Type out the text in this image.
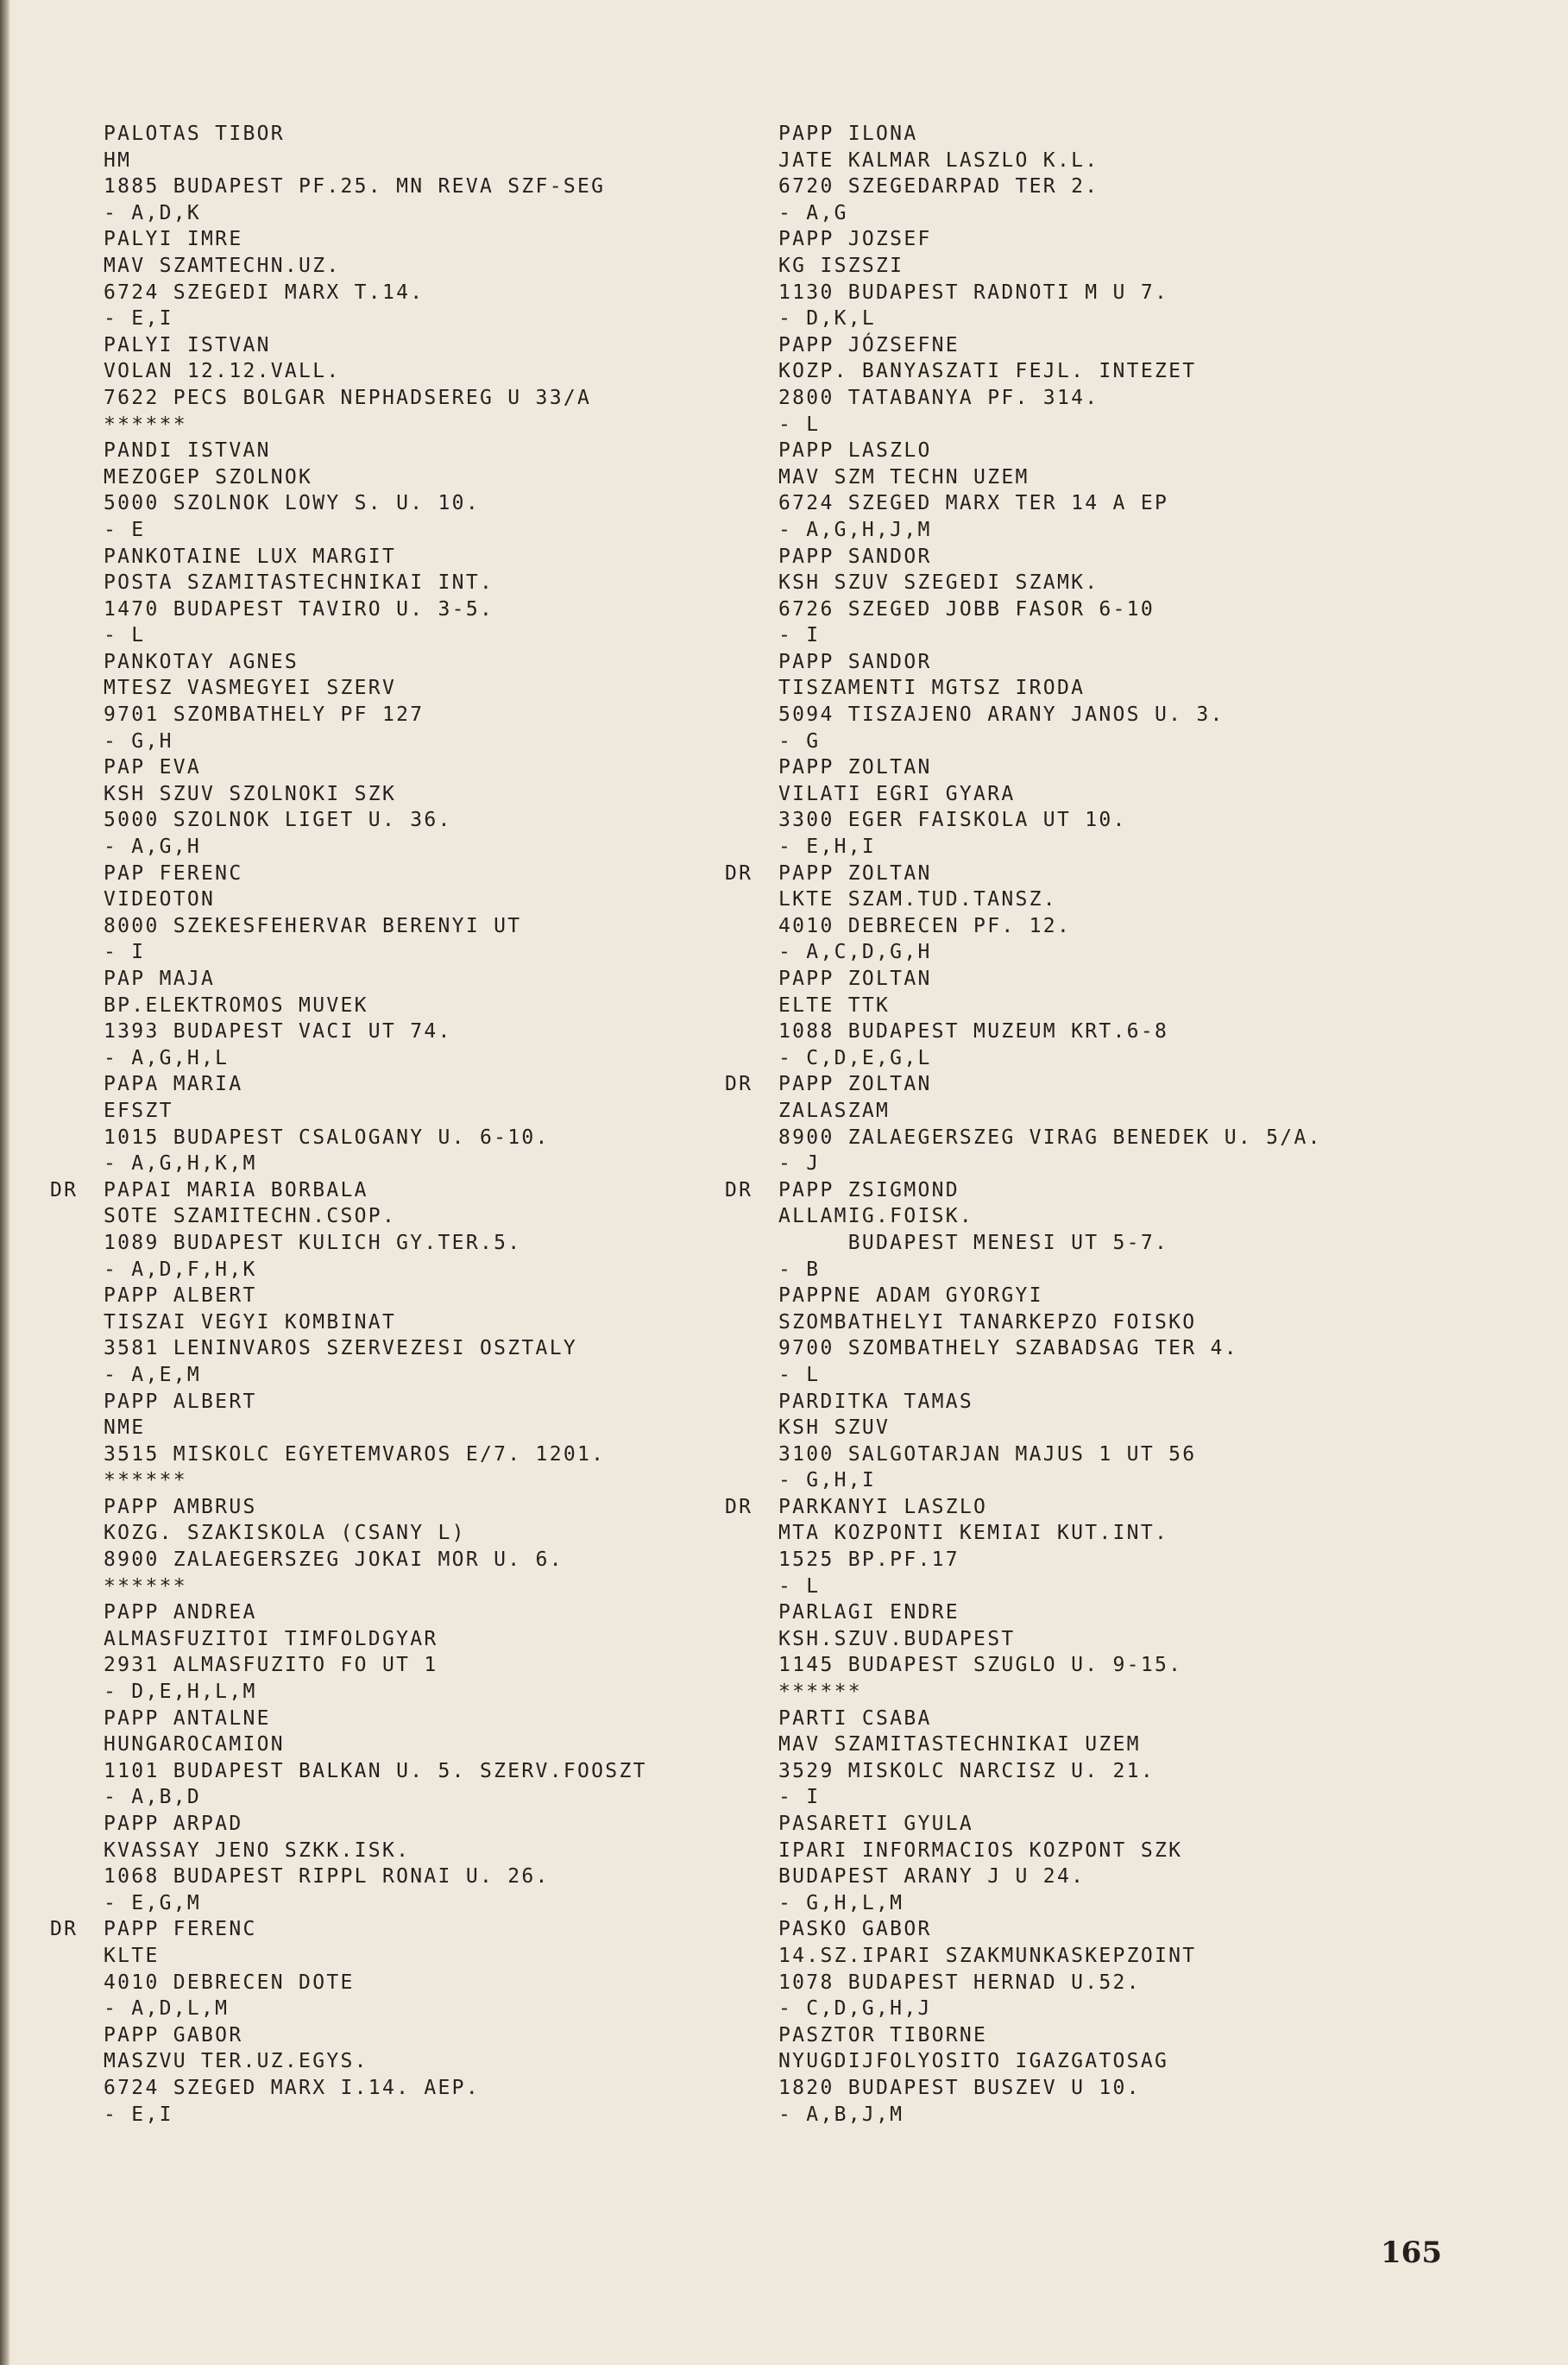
PALOTAS TIBOR
HM
1885 BUDAPEST PF.25. MN REVA SZF-SEG
- A,D,K
PALYI IMRE
MAV SZAMTECHN.UZ.
6724 SZEGEDI MARX T.14.
- E,I
PALYI ISTVAN
VOLAN 12.12.VALL.
7622 PECS BOLGAR NEPHADSEREG U 33/A
******
PANDI ISTVAN
MEZOGEP SZOLNOK
5000 SZOLNOK LOWY S. U. 10.
- E
PANKOTAINE LUX MARGIT
POSTA SZAMITASTECHNIKAI INT.
1470 BUDAPEST TAVIRO U. 3-5.
- L
PANKOTAY AGNES
MTESZ VASMEGYEI SZERV
9701 SZOMBATHELY PF 127
- G,H
PAP EVA
KSH SZUV SZOLNOKI SZK
5000 SZOLNOK LIGET U. 36.
- A,G,H
PAP FERENC
VIDEOTON
8000 SZEKESFEHERVAR BERENYI UT
- I
PAP MAJA
BP.ELEKTROMOS MUVEK
1393 BUDAPEST VACI UT 74.
- A,G,H,L
PAPA MARIA
EFSZT
1015 BUDAPEST CSALOGANY U. 6-10.
- A,G,H,K,M
DR PAPAI MARIA BORBALA
SOTE SZAMITECHN.CSOP.
1089 BUDAPEST KULICH GY.TER.5.
- A,D,F,H,K
PAPP ALBERT
TISZAI VEGYI KOMBINAT
3581 LENINVAROS SZERVEZESI OSZTALY
- A,E,M
PAPP ALBERT
NME
3515 MISKOLC EGYETEMVAROS E/7. 1201.
******
PAPP AMBRUS
KOZG. SZAKISKOLA (CSANY L)
8900 ZALAEGERSZEG JOKAI MOR U. 6.
******
PAPP ANDREA
ALMASFUZITOI TIMFOLDGYAR
2931 ALMASFUZITO FO UT 1
- D,E,H,L,M
PAPP ANTALNE
HUNGAROCAMION
1101 BUDAPEST BALKAN U. 5. SZERV.FOOSZT
- A,B,D
PAPP ARPAD
KVASSAY JENO SZKK.ISK.
1068 BUDAPEST RIPPL RONAI U. 26.
- E,G,M
DR PAPP FERENC
KLTE
4010 DEBRECEN DOTE
- A,D,L,M
PAPP GABOR
MASZVU TER.UZ.EGYS.
6724 SZEGED MARX I.14. AEP.
- E,I
PAPP ILONA
JATE KALMAR LASZLO K.L.
6720 SZEGEDARPAD TER 2.
- A,G
PAPP JOZSEF
KG ISZSZI
1130 BUDAPEST RADNOTI M U 7.
- D,K,L
PAPP JÓZSEFNE
KOZP. BANYASZATI FEJL. INTEZET
2800 TATABANYA PF. 314.
- L
PAPP LASZLO
MAV SZM TECHN UZEM
6724 SZEGED MARX TER 14 A EP
- A,G,H,J,M
PAPP SANDOR
KSH SZUV SZEGEDI SZAMK.
6726 SZEGED JOBB FASOR 6-10
- I
PAPP SANDOR
TISZAMENTI MGTSZ IRODA
5094 TISZAJENO ARANY JANOS U. 3.
- G
PAPP ZOLTAN
VILATI EGRI GYARA
3300 EGER FAISKOLA UT 10.
- E,H,I
DR PAPP ZOLTAN
LKTE SZAM.TUD.TANSZ.
4010 DEBRECEN PF. 12.
- A,C,D,G,H
PAPP ZOLTAN
ELTE TTK
1088 BUDAPEST MUZEUM KRT.6-8
- C,D,E,G,L
DR PAPP ZOLTAN
ZALASZAM
8900 ZALAEGERSZEG VIRAG BENEDEK U. 5/A.
- J
DR PAPP ZSIGMOND
ALLAMIG.FOISK.
BUDAPEST MENESI UT 5-7.
- B
PAPPNE ADAM GYORGYI
SZOMBATHELYI TANARKEPZO FOISKO
9700 SZOMBATHELY SZABADSAG TER 4.
- L
PARDITKA TAMAS
KSH SZUV
3100 SALGOTARJAN MAJUS 1 UT 56
- G,H,I
DR PARKANYI LASZLO
MTA KOZPONTI KEMIAI KUT.INT.
1525 BP.PF.17
- L
PARLAGI ENDRE
KSH.SZUV.BUDAPEST
1145 BUDAPEST SZUGLO U. 9-15.
******
PARTI CSABA
MAV SZAMITASTECHNIKAI UZEM
3529 MISKOLC NARCISZ U. 21.
- I
PASARETI GYULA
IPARI INFORMACIOS KOZPONT SZK
BUDAPEST ARANY J U 24.
- G,H,L,M
PASKO GABOR
14.SZ.IPARI SZAKMUNKASKEPZOINT
1078 BUDAPEST HERNAD U.52.
- C,D,G,H,J
PASZTOR TIBORNE
NYUGDIJFOLYOSITO IGAZGATOSAG
1820 BUDAPEST BUSZEV U 10.
- A,B,J,M
165
